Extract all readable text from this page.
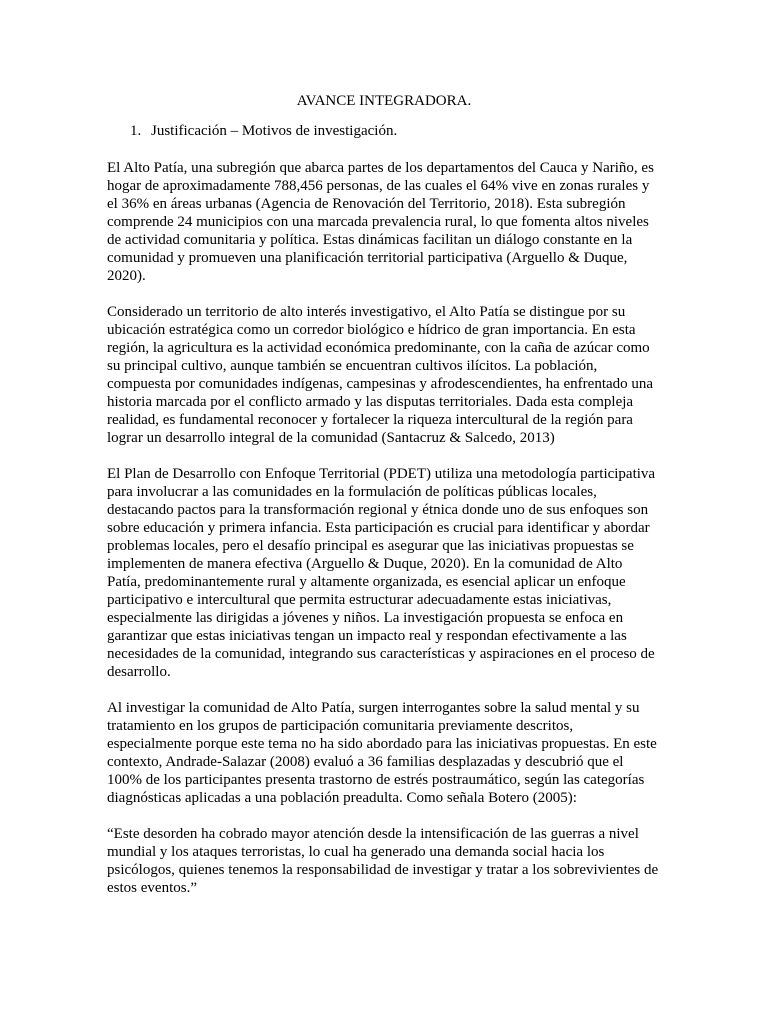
AVANCE INTEGRADORA.
1. Justificación – Motivos de investigación.

El Alto Patía, una subregión que abarca partes de los departamentos del Cauca y Nariño, es
hogar de aproximadamente 788,456 personas, de las cuales el 64% vive en zonas rurales y
el 36% en áreas urbanas (Agencia de Renovación del Territorio, 2018). Esta subregión
comprende 24 municipios con una marcada prevalencia rural, lo que fomenta altos niveles
de actividad comunitaria y política. Estas dinámicas facilitan un diálogo constante en la
comunidad y promueven una planificación territorial participativa (Arguello & Duque,
2020).

Considerado un territorio de alto interés investigativo, el Alto Patía se distingue por su
ubicación estratégica como un corredor biológico e hídrico de gran importancia. En esta
región, la agricultura es la actividad económica predominante, con la caña de azúcar como
su principal cultivo, aunque también se encuentran cultivos ilícitos. La población,
compuesta por comunidades indígenas, campesinas y afrodescendientes, ha enfrentado una
historia marcada por el conflicto armado y las disputas territoriales. Dada esta compleja
realidad, es fundamental reconocer y fortalecer la riqueza intercultural de la región para
lograr un desarrollo integral de la comunidad (Santacruz & Salcedo, 2013)

El Plan de Desarrollo con Enfoque Territorial (PDET) utiliza una metodología participativa
para involucrar a las comunidades en la formulación de políticas públicas locales,
destacando pactos para la transformación regional y étnica donde uno de sus enfoques son
sobre educación y primera infancia. Esta participación es crucial para identificar y abordar
problemas locales, pero el desafío principal es asegurar que las iniciativas propuestas se
implementen de manera efectiva (Arguello & Duque, 2020). En la comunidad de Alto
Patía, predominantemente rural y altamente organizada, es esencial aplicar un enfoque
participativo e intercultural que permita estructurar adecuadamente estas iniciativas,
especialmente las dirigidas a jóvenes y niños. La investigación propuesta se enfoca en
garantizar que estas iniciativas tengan un impacto real y respondan efectivamente a las
necesidades de la comunidad, integrando sus características y aspiraciones en el proceso de
desarrollo.

Al investigar la comunidad de Alto Patía, surgen interrogantes sobre la salud mental y su
tratamiento en los grupos de participación comunitaria previamente descritos,
especialmente porque este tema no ha sido abordado para las iniciativas propuestas. En este
contexto, Andrade-Salazar (2008) evaluó a 36 familias desplazadas y descubrió que el
100% de los participantes presenta trastorno de estrés postraumático, según las categorías
diagnósticas aplicadas a una población preadulta. Como señala Botero (2005):

“Este desorden ha cobrado mayor atención desde la intensificación de las guerras a nivel
mundial y los ataques terroristas, lo cual ha generado una demanda social hacia los
psicólogos, quienes tenemos la responsabilidad de investigar y tratar a los sobrevivientes de
estos eventos.”
